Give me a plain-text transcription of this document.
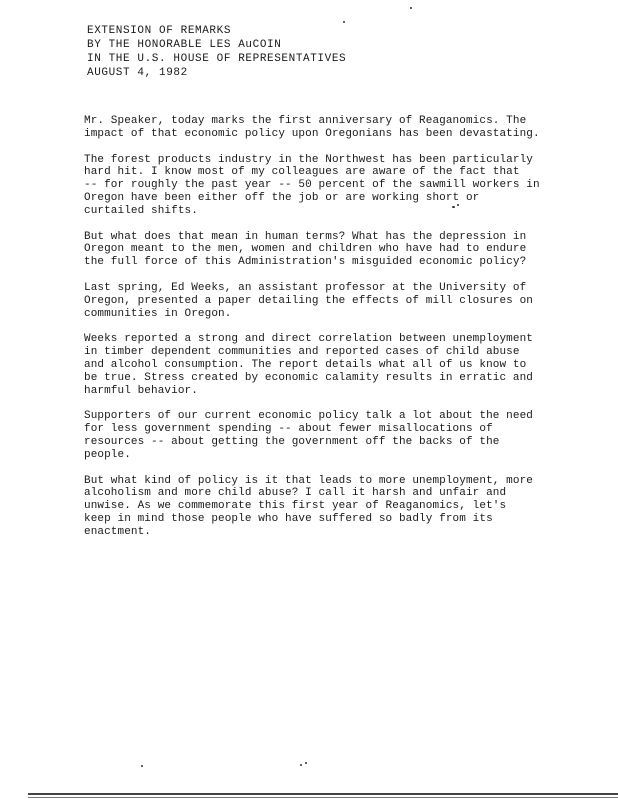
EXTENSION OF REMARKS
BY THE HONORABLE LES AuCOIN
IN THE U.S. HOUSE OF REPRESENTATIVES
AUGUST 4, 1982
Mr. Speaker, today marks the first anniversary of Reaganomics. The
impact of that economic policy upon Oregonians has been devastating.
The forest products industry in the Northwest has been particularly
hard hit. I know most of my colleagues are aware of the fact that
-- for roughly the past year -- 50 percent of the sawmill workers in
Oregon have been either off the job or are working short or
curtailed shifts.
But what does that mean in human terms? What has the depression in
Oregon meant to the men, women and children who have had to endure
the full force of this Administration's misguided economic policy?
Last spring, Ed Weeks, an assistant professor at the University of
Oregon, presented a paper detailing the effects of mill closures on
communities in Oregon.
Weeks reported a strong and direct correlation between unemployment
in timber dependent communities and reported cases of child abuse
and alcohol consumption. The report details what all of us know to
be true. Stress created by economic calamity results in erratic and
harmful behavior.
Supporters of our current economic policy talk a lot about the need
for less government spending -- about fewer misallocations of
resources -- about getting the government off the backs of the
people.
But what kind of policy is it that leads to more unemployment, more
alcoholism and more child abuse? I call it harsh and unfair and
unwise. As we commemorate this first year of Reaganomics, let's
keep in mind those people who have suffered so badly from its
enactment.
